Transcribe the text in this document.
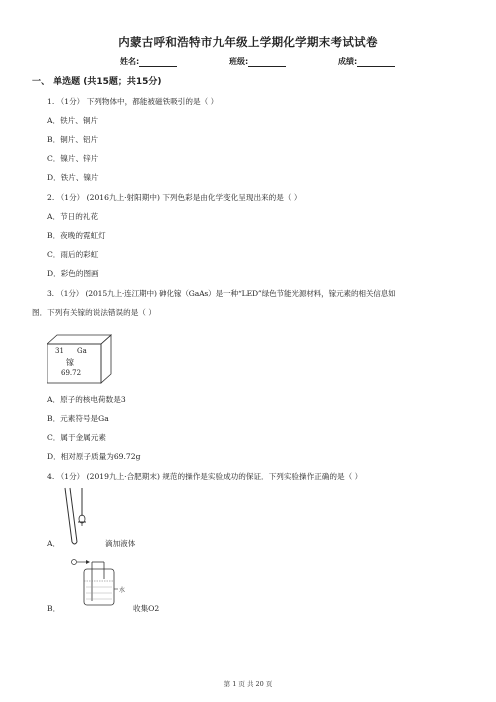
内蒙古呼和浩特市九年级上学期化学期末考试试卷
姓名:	班级:	成绩:
一、 单选题 (共15题；共15分)
1. （1分） 下列物体中，都能被磁铁吸引的是（ ）
A．铁片、铜片
B．铜片、铝片
C．镍片、锌片
D．铁片、镍片
2. （1分） (2016九上·射阳期中) 下列色彩是由化学变化呈现出来的是（ ）
A．节日的礼花
B．夜晚的霓虹灯
C．雨后的彩虹
D．彩色的图画
3. （1分） (2015九上·连江期中) 砷化镓（GaAs）是一种“LED”绿色节能光源材料，镓元素的相关信息如
图．下列有关镓的说法错误的是（ ）
31 Ga
镓
69.72
A．原子的核电荷数是3
B．元素符号是Ga
C．属于金属元素
D．相对原子质量为69.72g
4. （1分） (2019九上·合肥期末) 规范的操作是实验成功的保证．下列实验操作正确的是（ ）
A．	滴加液体
水
B．	收集O2
第 1 页 共 20 页
